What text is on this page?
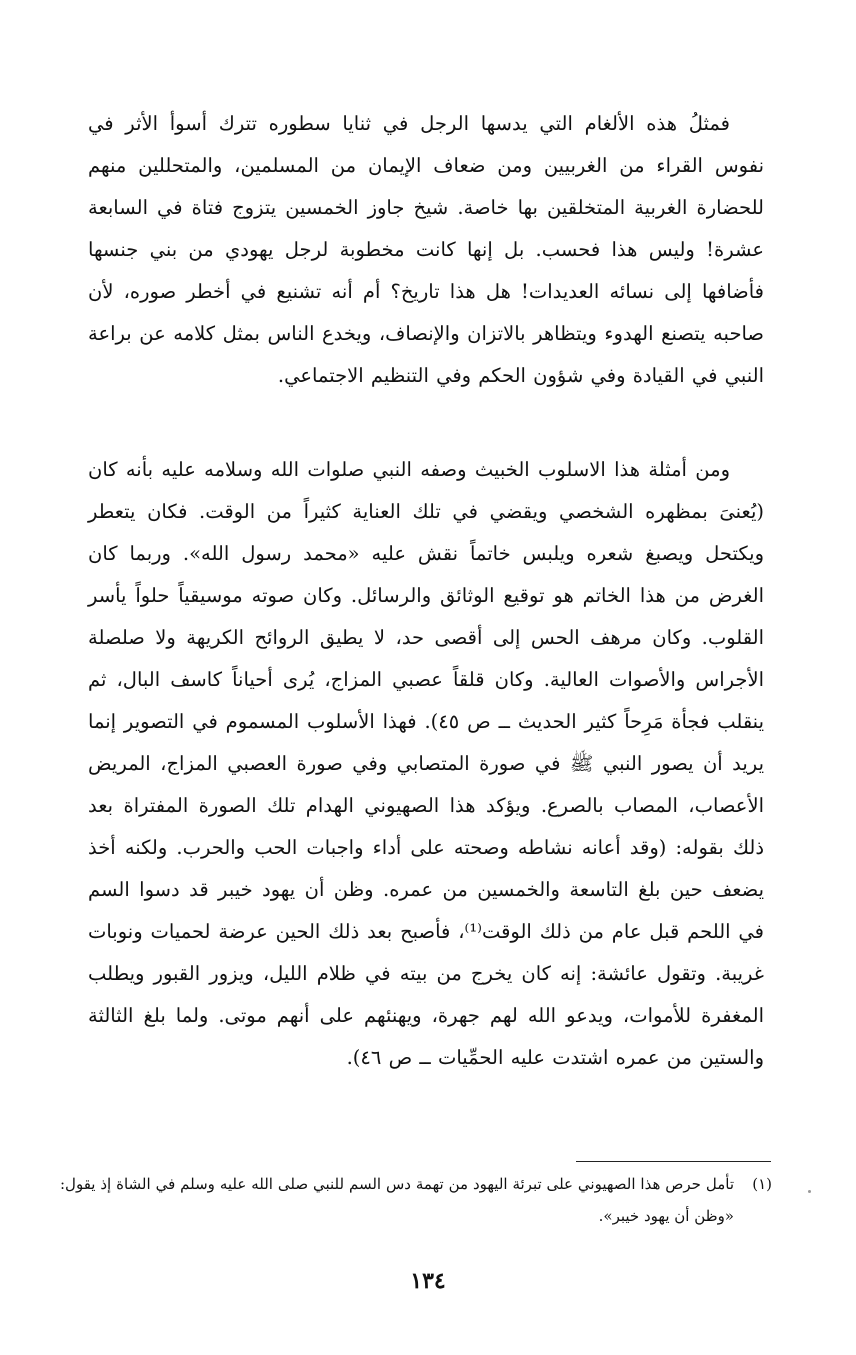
فمثلُ هذه الألغام التي يدسها الرجل في ثنايا سطوره تترك أسوأ الأثر في نفوس القراء من الغربيين ومن ضعاف الإيمان من المسلمين، والمتحللين منهم للحضارة الغربية المتخلقين بها خاصة. شيخ جاوز الخمسين يتزوج فتاة في السابعة عشرة! وليس هذا فحسب. بل إنها كانت مخطوبة لرجل يهودي من بني جنسها فأضافها إلى نسائه العديدات! هل هذا تاريخ؟ أم أنه تشنيع في أخطر صوره، لأن صاحبه يتصنع الهدوء ويتظاهر بالاتزان والإنصاف، ويخدع الناس بمثل كلامه عن براعة النبي في القيادة وفي شؤون الحكم وفي التنظيم الاجتماعي.

ومن أمثلة هذا الاسلوب الخبيث وصفه النبي صلوات الله وسلامه عليه بأنه كان (يُعنىَ بمظهره الشخصي ويقضي في تلك العناية كثيراً من الوقت. فكان يتعطر ويكتحل ويصبغ شعره ويلبس خاتماً نقش عليه «محمد رسول الله». وربما كان الغرض من هذا الخاتم هو توقيع الوثائق والرسائل. وكان صوته موسيقياً حلواً يأسر القلوب. وكان مرهف الحس إلى أقصى حد، لا يطيق الروائح الكريهة ولا صلصلة الأجراس والأصوات العالية. وكان قلقاً عصبي المزاج، يُرى أحياناً كاسف البال، ثم ينقلب فجأة مَرِحاً كثير الحديث ــ ص ٤٥). فهذا الأسلوب المسموم في التصوير إنما يريد أن يصور النبي ﷺ في صورة المتصابي وفي صورة العصبي المزاج، المريض الأعصاب، المصاب بالصرع. ويؤكد هذا الصهيوني الهدام تلك الصورة المفتراة بعد ذلك بقوله: (وقد أعانه نشاطه وصحته على أداء واجبات الحب والحرب. ولكنه أخذ يضعف حين بلغ التاسعة والخمسين من عمره. وظن أن يهود خيبر قد دسوا السم في اللحم قبل عام من ذلك الوقت⁽¹⁾، فأصبح بعد ذلك الحين عرضة لحميات ونوبات غريبة. وتقول عائشة: إنه كان يخرج من بيته في ظلام الليل، ويزور القبور ويطلب المغفرة للأموات، ويدعو الله لهم جهرة، ويهنئهم على أنهم موتى. ولما بلغ الثالثة والستين من عمره اشتدت عليه الحمِّيات ــ ص ٤٦).

(١)
تأمل حرص هذا الصهيوني على تبرئة اليهود من تهمة دس السم للنبي صلى الله عليه وسلم في الشاة إذ يقول: «وظن أن يهود خيبر».
١٣٤
